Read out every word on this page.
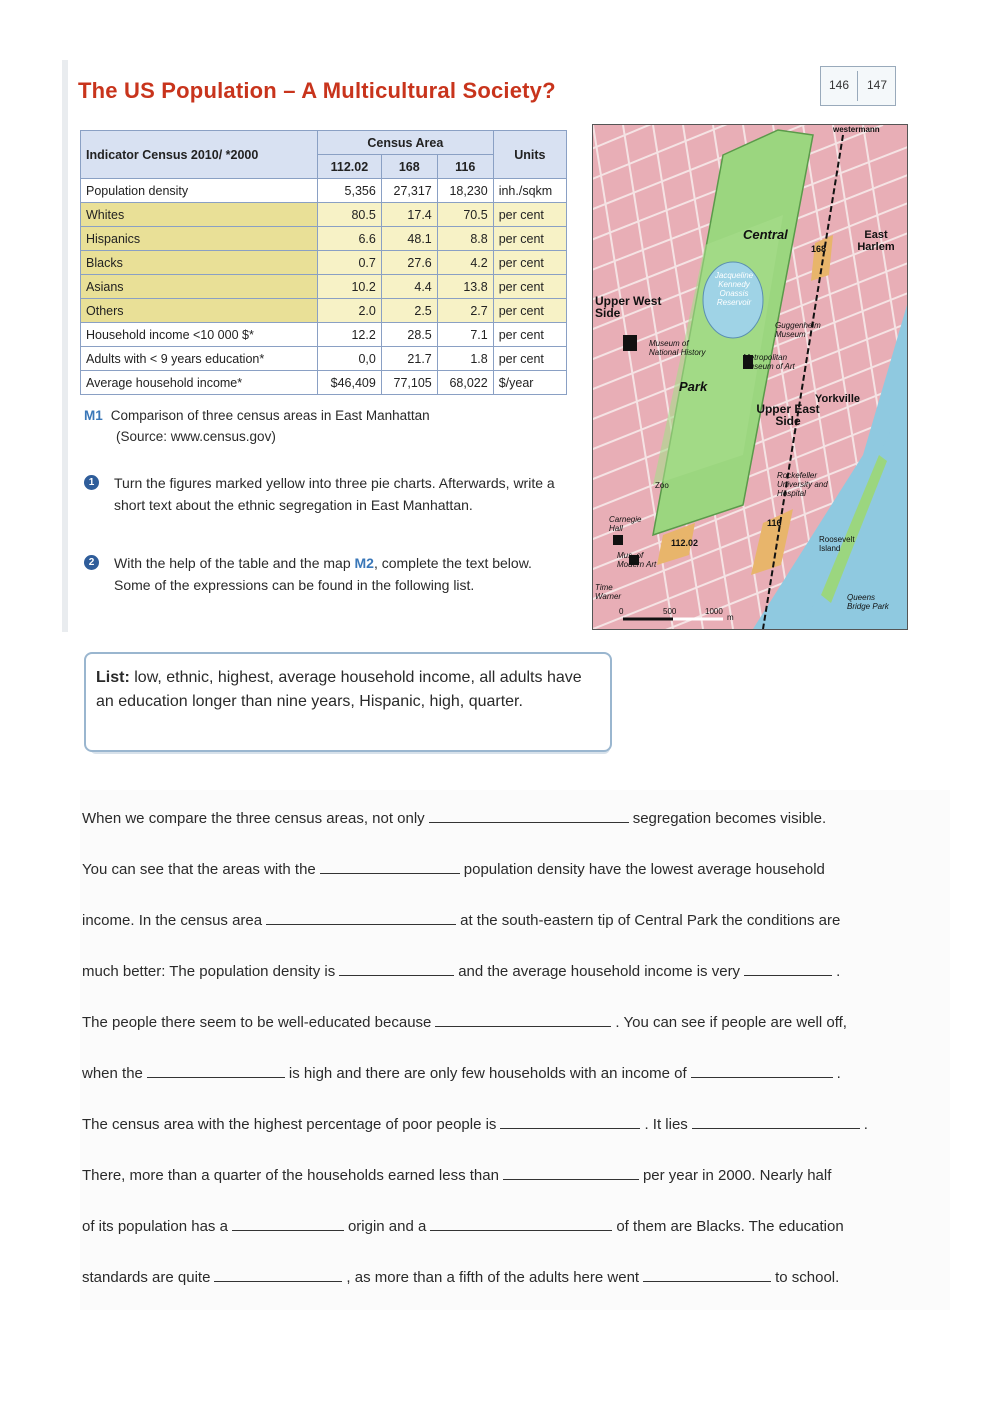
The US Population – A Multicultural Society?	146 147
Indicator Census 2010/ *2000	Census Area			Units
	112.02	168	116	
Population density	5,356	27,317	18,230	inh./sqkm
Whites	80.5	17.4	70.5	per cent
Hispanics	6.6	48.1	8.8	per cent
Blacks	0.7	27.6	4.2	per cent
Asians	10.2	4.4	13.8	per cent
Others	2.0	2.5	2.7	per cent
Household income <10 000 $*	12.2	28.5	7.1	per cent
Adults with < 9 years education*	0,0	21.7	1.8	per cent
Average household income*	$46,409	77,105	68,022	$/year
M1 Comparison of three census areas in East Manhattan
(Source: www.census.gov)
1	Turn the figures marked yellow into three pie charts. Afterwards, write a short text about the ethnic segregation in East Manhattan.
2	With the help of the table and the map M2, complete the text below. Some of the expressions can be found in the following list.
Central
Park
Upper West Side
Upper East Side
East Harlem
Yorkville
Roosevelt Island
Jacqueline Kennedy Onassis Reservoir
Museum of National History
Metropolitan Museum of Art
Guggenheim Museum
Rockefeller University and Hospital
Zoo
Carnegie Hall
Mus. of Modern Art
Time Warner	Queens Bridge Park
westermann
168
116
112.02
0	500	1000
m
List: low, ethnic, highest, average household income, all adults have an education longer than nine years, Hispanic, high, quarter.
When we compare the three census areas, not only	segregation becomes visible.
You can see that the areas with the	population density have the lowest average household
income. In the census area	at the south-eastern tip of Central Park the conditions are
much better: The population density is	and the average household income is very	.
The people there seem to be well-educated because	. You can see if people are well off,
when the	is high and there are only few households with an income of	.
The census area with the highest percentage of poor people is	. It lies	.
There, more than a quarter of the households earned less than	per year in 2000. Nearly half
of its population has a	origin and a	of them are Blacks. The education
standards are quite	, as more than a fifth of the adults here went	to school.
